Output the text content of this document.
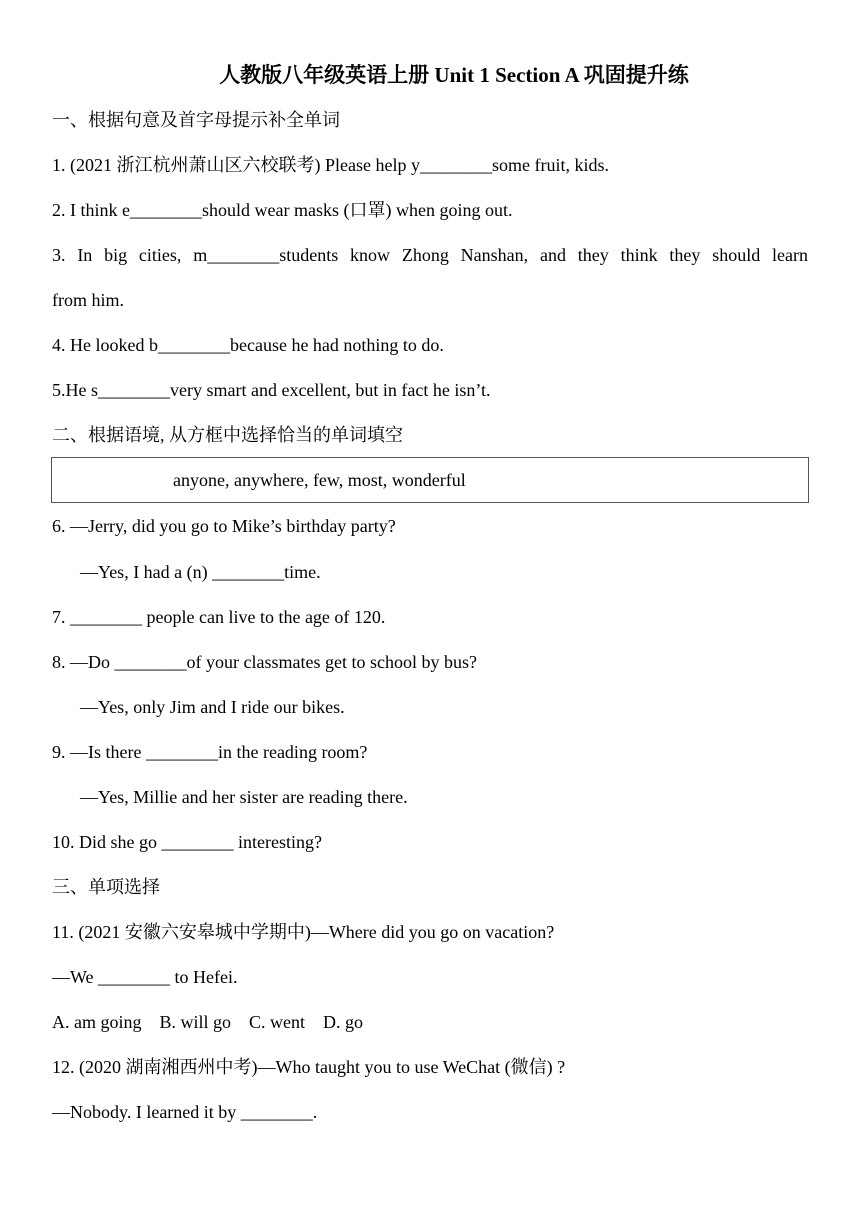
人教版八年级英语上册 Unit 1 Section A 巩固提升练
一、根据句意及首字母提示补全单词
1. (2021 浙江杭州萧山区六校联考) Please help y________some fruit, kids.
2. I think e________should wear masks (口罩) when going out.
3. In big cities, m________students know Zhong Nanshan, and they think they should learn
from him.
4. He looked b________because he had nothing to do.
5.He s________very smart and excellent, but in fact he isn’t.
二、根据语境, 从方框中选择恰当的单词填空
anyone, anywhere, few, most, wonderful
6. —Jerry, did you go to Mike’s birthday party?
—Yes, I had a (n) ________time.
7. ________ people can live to the age of 120.
8. —Do ________of your classmates get to school by bus?
—Yes, only Jim and I ride our bikes.
9. —Is there ________in the reading room?
—Yes, Millie and her sister are reading there.
10. Did she go ________ interesting?
三、单项选择
11. (2021 安徽六安皋城中学期中)—Where did you go on vacation?
—We ________ to Hefei.
A. am going    B. will go    C. went    D. go
12. (2020 湖南湘西州中考)—Who taught you to use WeChat (微信) ?
—Nobody. I learned it by ________.
